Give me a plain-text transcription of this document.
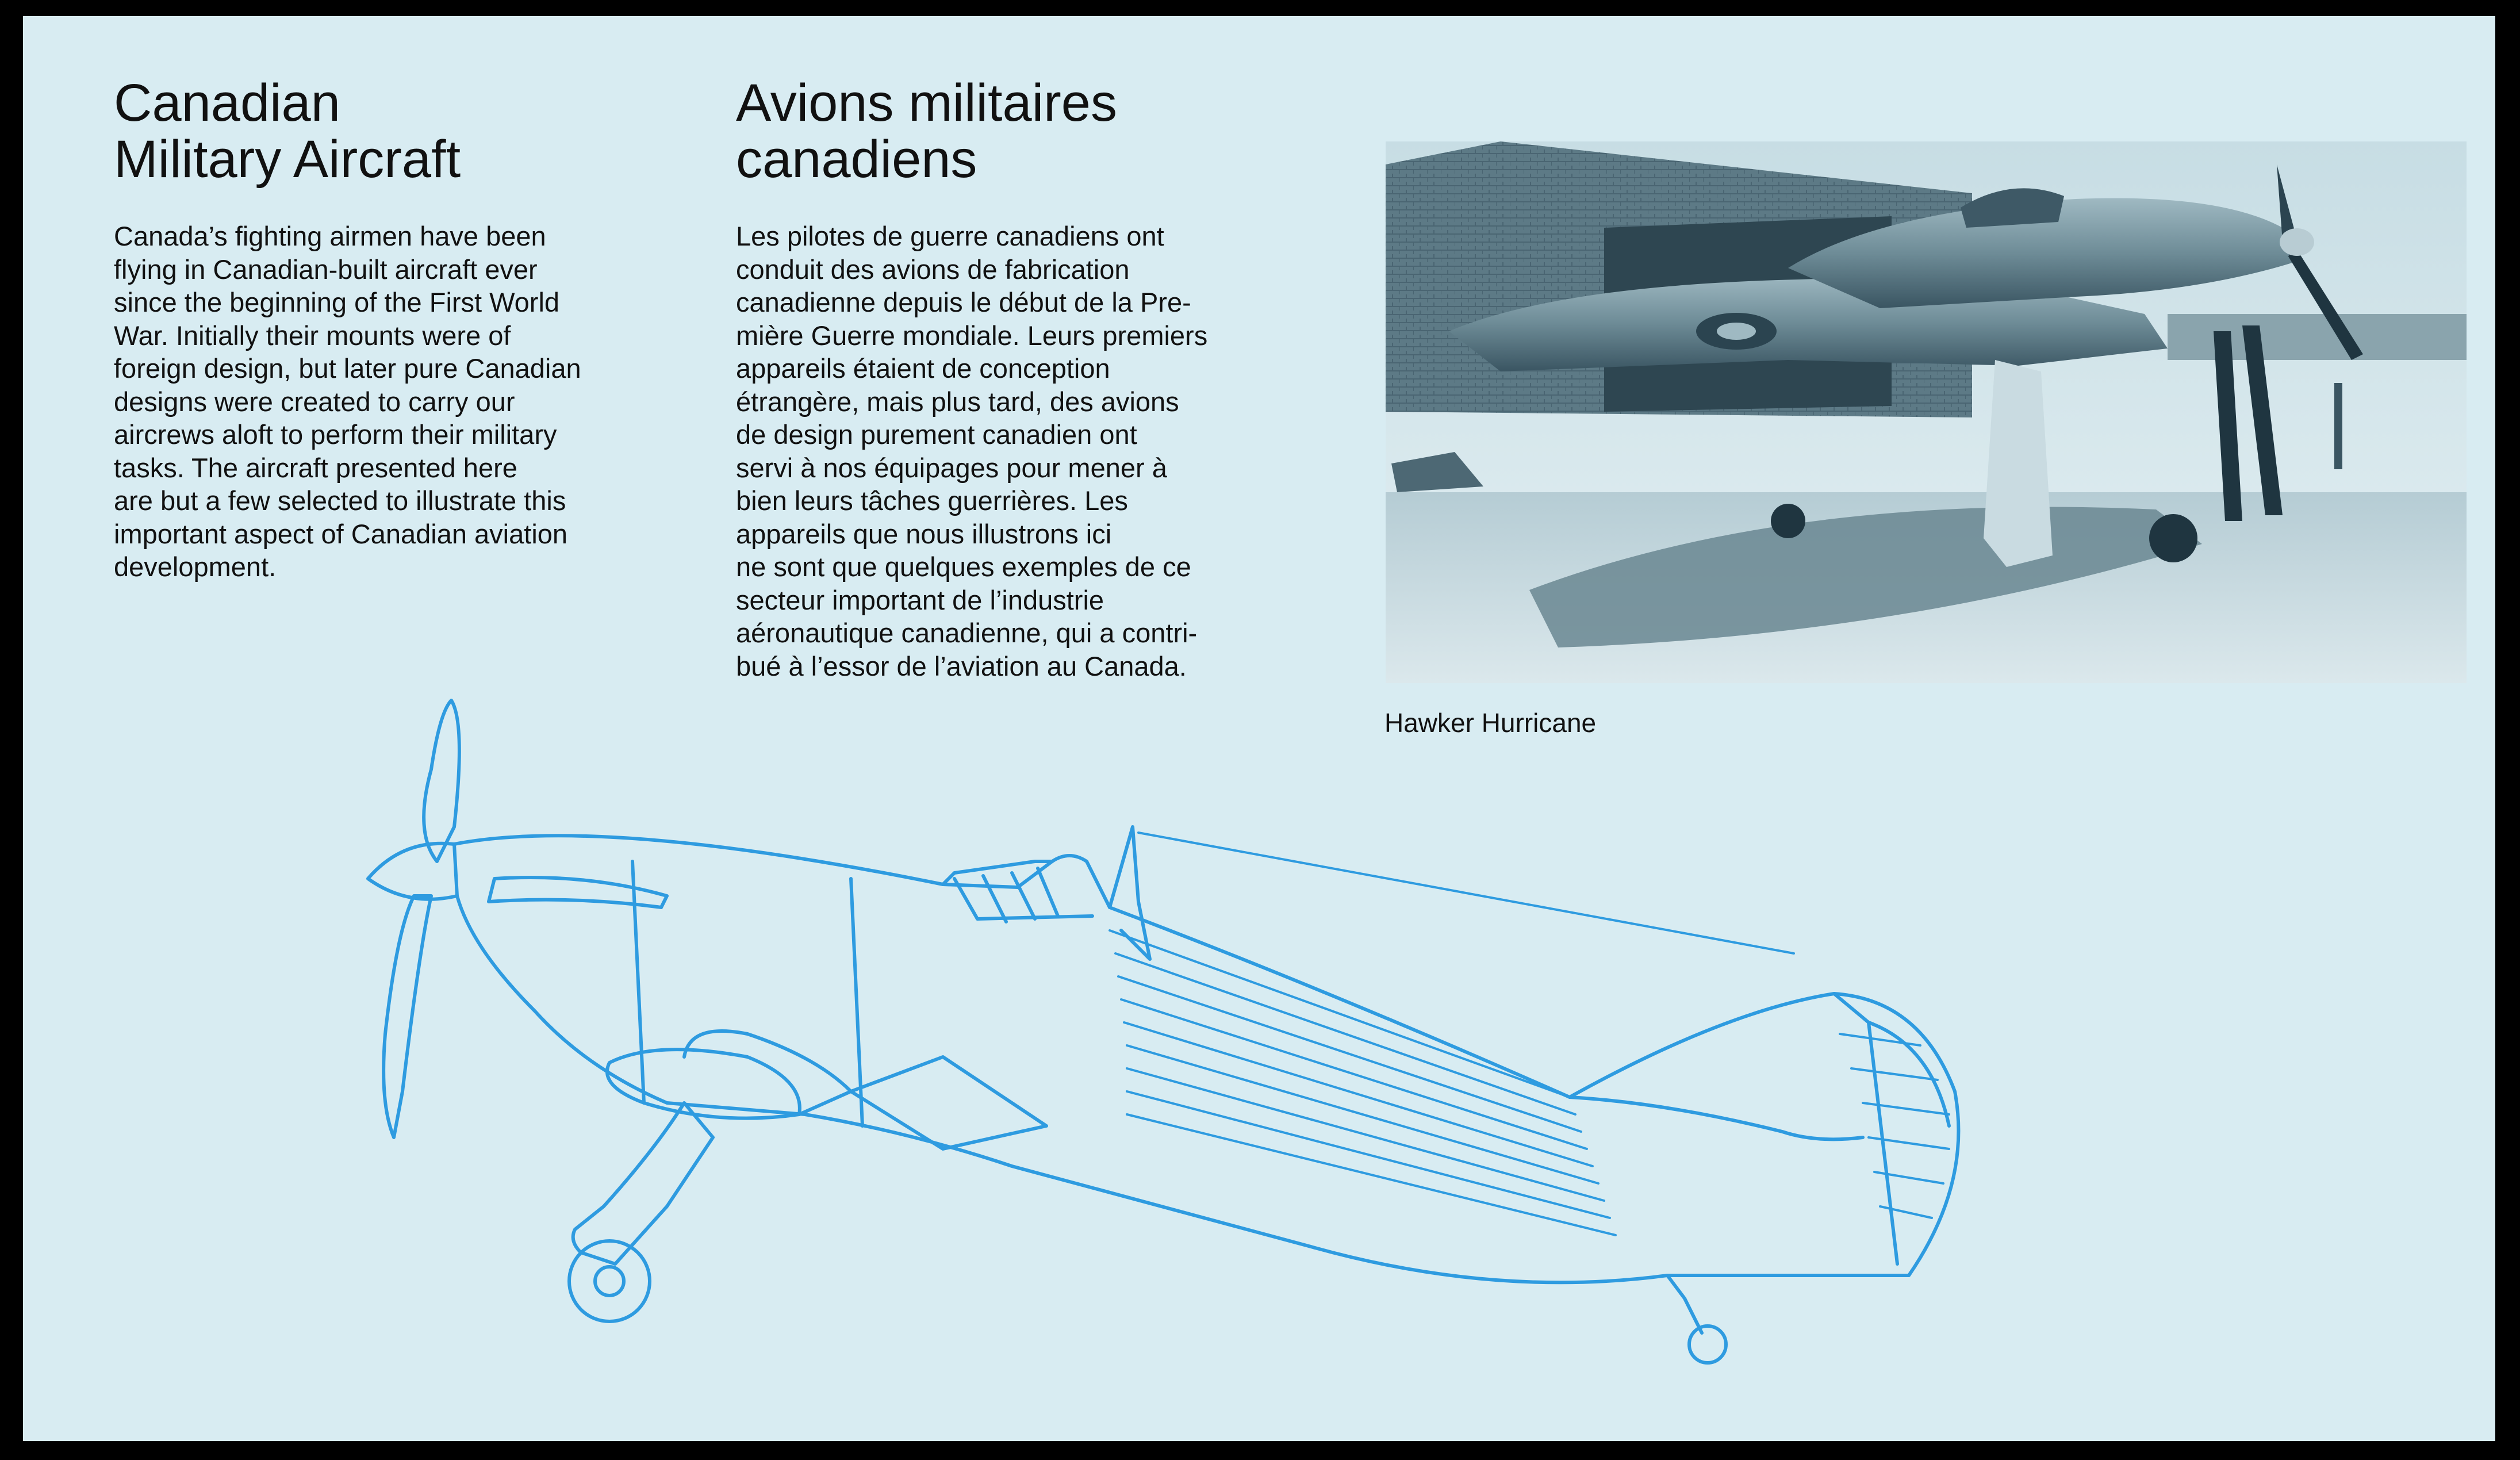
Canadian
Military Aircraft
Canada’s fighting airmen have been
flying in Canadian-built aircraft ever
since the beginning of the First World
War. Initially their mounts were of
foreign design, but later pure Canadian
designs were created to carry our
aircrews aloft to perform their military
tasks. The aircraft presented here
are but a few selected to illustrate this
important aspect of Canadian aviation
development.
Avions militaires
canadiens
Les pilotes de guerre canadiens ont
conduit des avions de fabrication
canadienne depuis le début de la Pre-
mière Guerre mondiale. Leurs premiers
appareils étaient de conception
étrangère, mais plus tard, des avions
de design purement canadien ont
servi à nos équipages pour mener à
bien leurs tâches guerrières. Les
appareils que nous illustrons ici
ne sont que quelques exemples de ce
secteur important de l’industrie
aéronautique canadienne, qui a contri-
bué à l’essor de l’aviation au Canada.
Hawker Hurricane
